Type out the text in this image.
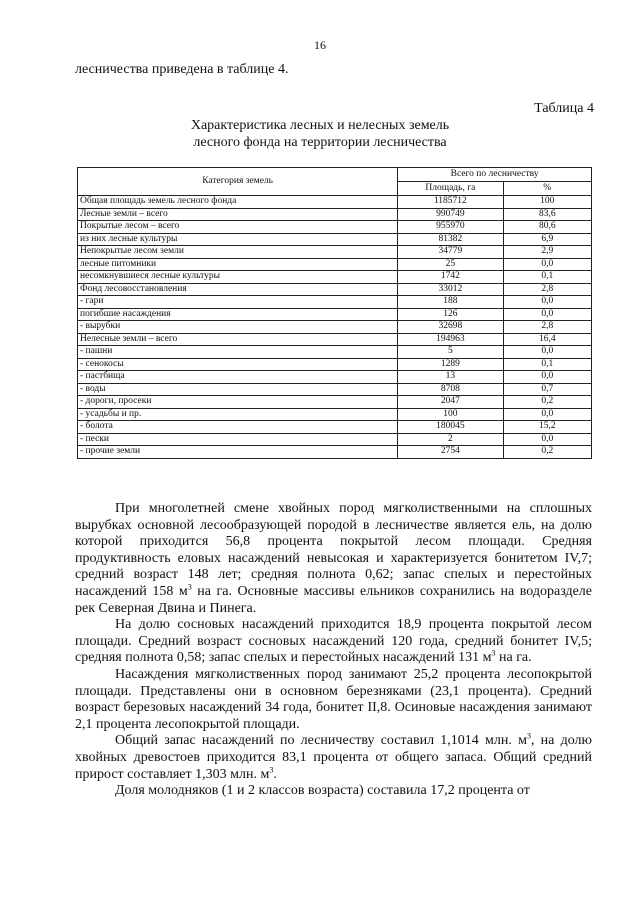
16
лесничества приведена в таблице 4.
Таблица 4
Характеристика лесных и нелесных земель
лесного фонда на территории лесничества
Категория земель	Всего по лесничеству	
	Площадь, га	%
Общая площадь земель лесного фонда	1185712	100
Лесные земли – всего	990749	83,6
Покрытые лесом – всего	955970	80,6
из них лесные культуры	81382	6,9
Непокрытые лесом земли	34779	2,9
лесные питомники	25	0,0
несомкнувшиеся лесные культуры	1742	0,1
Фонд лесовосстановления	33012	2,8
- гари	188	0,0
погибшие насаждения	126	0,0
- вырубки	32698	2,8
Нелесные земли – всего	194963	16,4
- пашни	5	0,0
- сенокосы	1289	0,1
- пастбища	13	0,0
- воды	8708	0,7
- дороги, просеки	2047	0,2
- усадьбы и пр.	100	0,0
- болота	180045	15,2
- пески	2	0,0
- прочие земли	2754	0,2

При многолетней смене хвойных пород мягколиственными на сплошных вырубках основной лесообразующей породой в лесничестве является ель, на долю которой приходится 56,8 процента покрытой лесом площади. Средняя продуктивность еловых насаждений невысокая и характеризуется бонитетом IV,7; средний возраст 148 лет; средняя полнота 0,62; запас спелых и перестойных насаждений 158 $м^3$ на га. Основные массивы ельников сохранились на водоразделе рек Северная Двина и Пинега.

На долю сосновых насаждений приходится 18,9 процента покрытой лесом площади. Средний возраст сосновых насаждений 120 года, средний бонитет IV,5; средняя полнота 0,58; запас спелых и перестойных насаждений 131 $м^3$ на га.

Насаждения мягколиственных пород занимают 25,2 процента лесопокрытой площади. Представлены они в основном березняками (23,1 процента). Средний возраст березовых насаждений 34 года, бонитет II,8. Осиновые насаждения занимают 2,1 процента лесопокрытой площади.

Общий запас насаждений по лесничеству составил 1,1014 млн. $м^3$, на долю хвойных древостоев приходится 83,1 процента от общего запаса. Общий средний прирост составляет 1,303 млн. $м^3$.

Доля молодняков (1 и 2 классов возраста) составила 17,2 процента от
